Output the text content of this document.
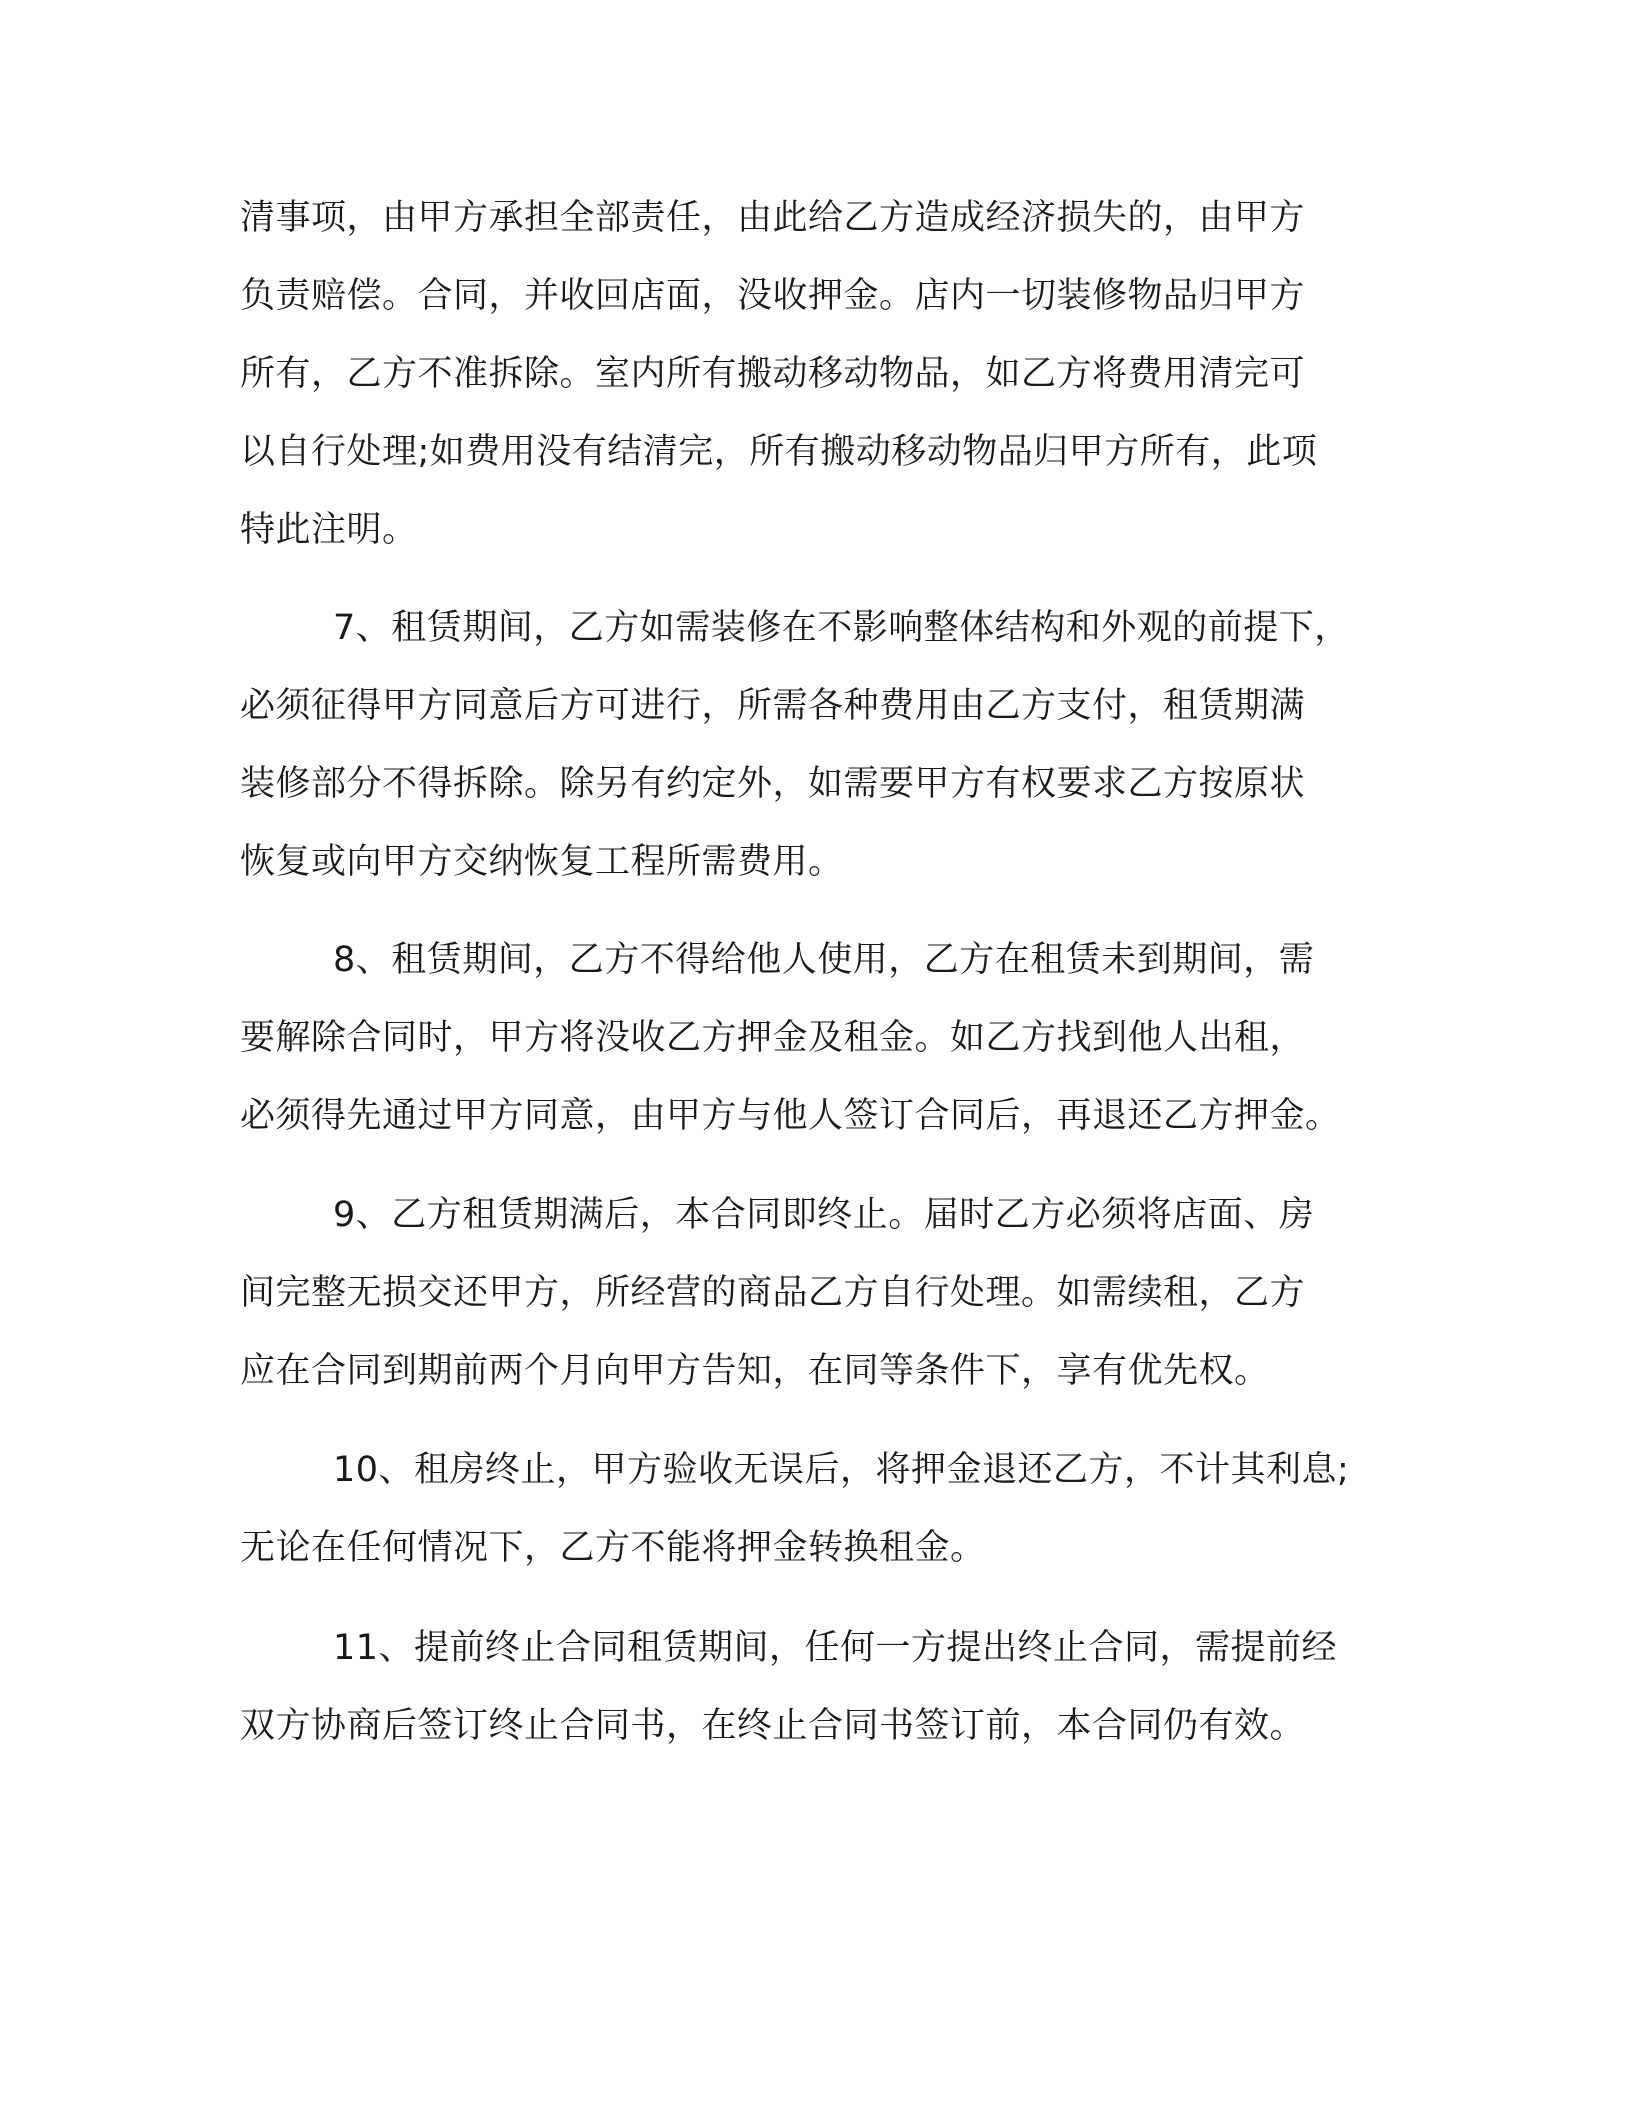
清事项，由甲方承担全部责任，由此给乙方造成经济损失的，由甲方
负责赔偿。合同，并收回店面，没收押金。店内一切装修物品归甲方
所有，乙方不准拆除。室内所有搬动移动物品，如乙方将费用清完可
以自行处理;如费用没有结清完，所有搬动移动物品归甲方所有，此项
特此注明。
7、租赁期间，乙方如需装修在不影响整体结构和外观的前提下，
必须征得甲方同意后方可进行，所需各种费用由乙方支付，租赁期满
装修部分不得拆除。除另有约定外，如需要甲方有权要求乙方按原状
恢复或向甲方交纳恢复工程所需费用。
8、租赁期间，乙方不得给他人使用，乙方在租赁未到期间，需
要解除合同时，甲方将没收乙方押金及租金。如乙方找到他人出租，
必须得先通过甲方同意，由甲方与他人签订合同后，再退还乙方押金。
9、乙方租赁期满后，本合同即终止。届时乙方必须将店面、房
间完整无损交还甲方，所经营的商品乙方自行处理。如需续租，乙方
应在合同到期前两个月向甲方告知，在同等条件下，享有优先权。
10、租房终止，甲方验收无误后，将押金退还乙方，不计其利息;
无论在任何情况下，乙方不能将押金转换租金。
11、提前终止合同租赁期间，任何一方提出终止合同，需提前经
双方协商后签订终止合同书，在终止合同书签订前，本合同仍有效。
